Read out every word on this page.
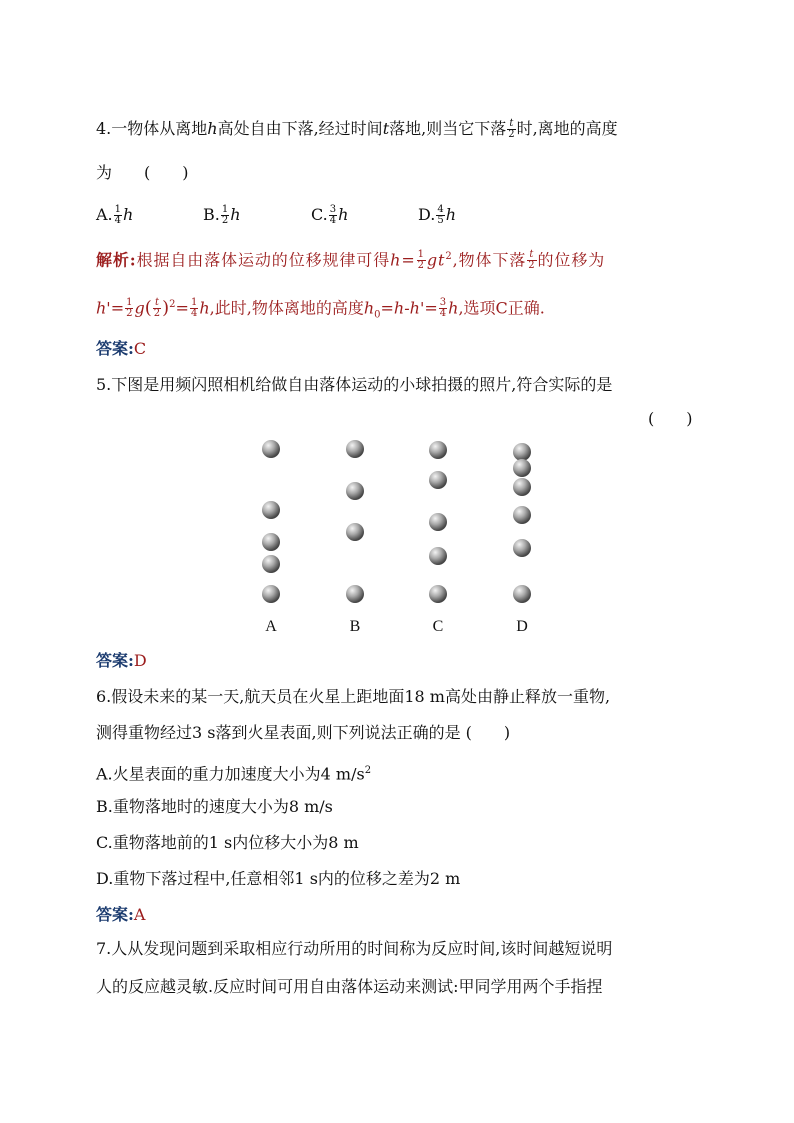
4.一物体从离地h高处自由下落,经过时间t落地,则当它下落 $\frac{t}{2}$ 时,离地的高度
为 (　　)
A. $\frac{1}{4}$ h	B. $\frac{1}{2}$ h	C. $\frac{3}{4}$ h	D. $\frac{4}{5}$ h
解析:根据自由落体运动的位移规律可得$h= \frac{1}{2} gt^2$,物体下落 $\frac{t}{2}$ 的位移为
$h'= \frac{1}{2} g( \frac{t}{2} )^2= \frac{1}{4} h$,此时,物体离地的高度$h_0=h-h'= \frac{3}{4} h$,选项C正确.
答案:C
5.下图是用频闪照相机给做自由落体运动的小球拍摄的照片,符合实际的是
(　　)
A	B	C	D
答案:D
6.假设未来的某一天,航天员在火星上距地面18 m高处由静止释放一重物,
测得重物经过3 s落到火星表面,则下列说法正确的是 (　　)
A.火星表面的重力加速度大小为4 $m/s^2$
B.重物落地时的速度大小为8 m/s
C.重物落地前的1 s内位移大小为8 m
D.重物下落过程中,任意相邻1 s内的位移之差为2 m
答案:A
7.人从发现问题到采取相应行动所用的时间称为反应时间,该时间越短说明
人的反应越灵敏.反应时间可用自由落体运动来测试:甲同学用两个手指捏
